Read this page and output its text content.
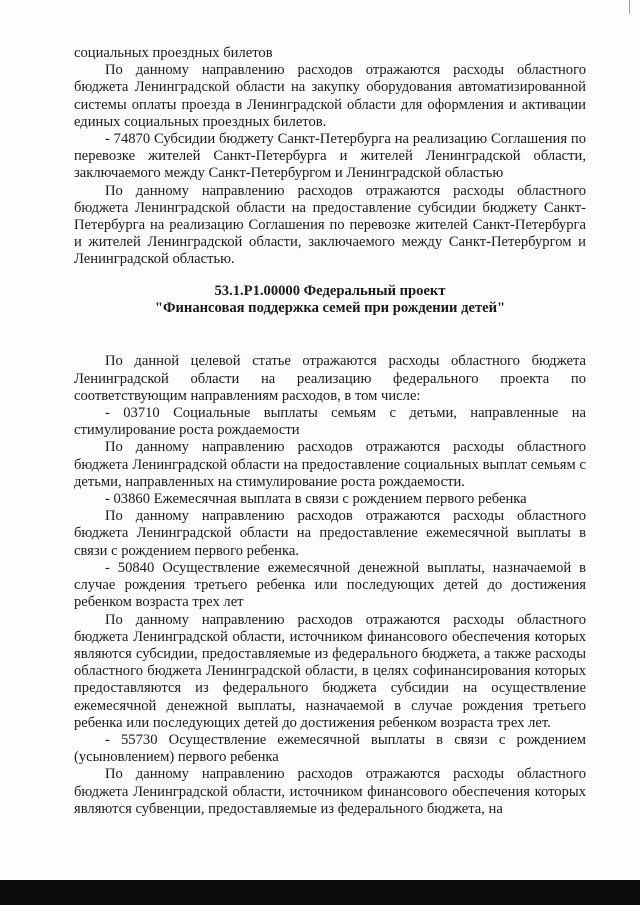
социальных проездных билетов

По данному направлению расходов отражаются расходы областного бюджета Ленинградской области на закупку оборудования автоматизированной системы оплаты проезда в Ленинградской области для оформления и активации единых социальных проездных билетов.

- 74870 Субсидии бюджету Санкт-Петербурга на реализацию Соглашения по перевозке жителей Санкт-Петербурга и жителей Ленинградской области, заключаемого между Санкт-Петербургом и Ленинградской областью

По данному направлению расходов отражаются расходы областного бюджета Ленинградской области на предоставление субсидии бюджету Санкт-Петербурга на реализацию Соглашения по перевозке жителей Санкт-Петербурга и жителей Ленинградской области, заключаемого между Санкт-Петербургом и Ленинградской областью.

53.1.P1.00000 Федеральный проект
"Финансовая поддержка семей при рождении детей"

По данной целевой статье отражаются расходы областного бюджета Ленинградской области на реализацию федерального проекта по соответствующим направлениям расходов, в том числе:

- 03710 Социальные выплаты семьям с детьми, направленные на стимулирование роста рождаемости

По данному направлению расходов отражаются расходы областного бюджета Ленинградской области на предоставление социальных выплат семьям с детьми, направленных на стимулирование роста рождаемости.

- 03860 Ежемесячная выплата в связи с рождением первого ребенка

По данному направлению расходов отражаются расходы областного бюджета Ленинградской области на предоставление ежемесячной выплаты в связи с рождением первого ребенка.

- 50840 Осуществление ежемесячной денежной выплаты, назначаемой в случае рождения третьего ребенка или последующих детей до достижения ребенком возраста трех лет

По данному направлению расходов отражаются расходы областного бюджета Ленинградской области, источником финансового обеспечения которых являются субсидии, предоставляемые из федерального бюджета, а также расходы областного бюджета Ленинградской области, в целях софинансирования которых предоставляются из федерального бюджета субсидии на осуществление ежемесячной денежной выплаты, назначаемой в случае рождения третьего ребенка или последующих детей до достижения ребенком возраста трех лет.

- 55730 Осуществление ежемесячной выплаты в связи с рождением (усыновлением) первого ребенка

По данному направлению расходов отражаются расходы областного бюджета Ленинградской области, источником финансового обеспечения которых являются субвенции, предоставляемые из федерального бюджета, на
